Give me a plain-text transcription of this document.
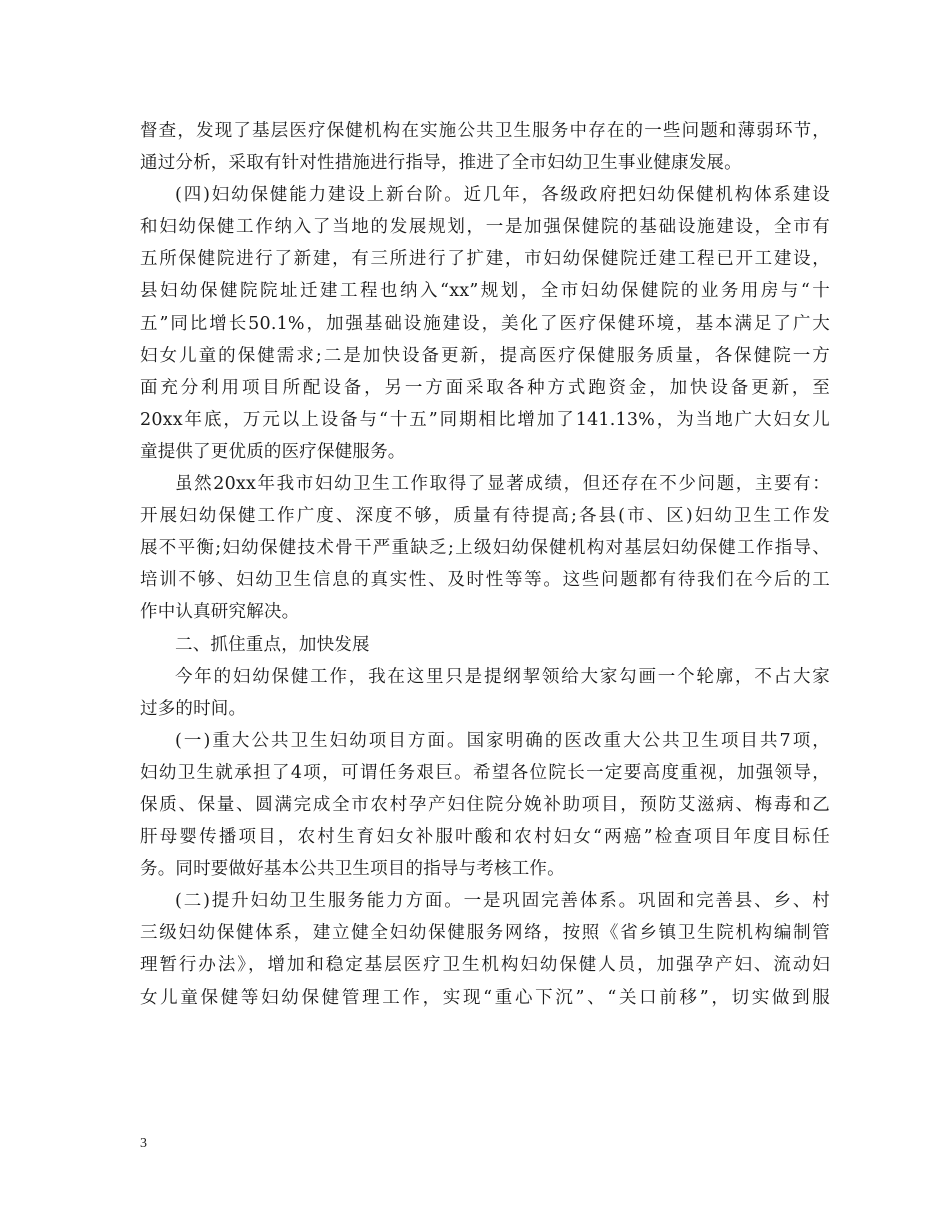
督查，发现了基层医疗保健机构在实施公共卫生服务中存在的一些问题和薄弱环节，
通过分析，采取有针对性措施进行指导，推进了全市妇幼卫生事业健康发展。
(四)妇幼保健能力建设上新台阶。近几年，各级政府把妇幼保健机构体系建设
和妇幼保健工作纳入了当地的发展规划，一是加强保健院的基础设施建设，全市有
五所保健院进行了新建，有三所进行了扩建，市妇幼保健院迁建工程已开工建设，
县妇幼保健院院址迁建工程也纳入“xx”规划，全市妇幼保健院的业务用房与“十
五”同比增长50.1%，加强基础设施建设，美化了医疗保健环境，基本满足了广大
妇女儿童的保健需求;二是加快设备更新，提高医疗保健服务质量，各保健院一方
面充分利用项目所配设备，另一方面采取各种方式跑资金，加快设备更新，至
20xx年底，万元以上设备与“十五”同期相比增加了141.13%，为当地广大妇女儿
童提供了更优质的医疗保健服务。
虽然20xx年我市妇幼卫生工作取得了显著成绩，但还存在不少问题，主要有：
开展妇幼保健工作广度、深度不够，质量有待提高;各县(市、区)妇幼卫生工作发
展不平衡;妇幼保健技术骨干严重缺乏;上级妇幼保健机构对基层妇幼保健工作指导、
培训不够、妇幼卫生信息的真实性、及时性等等。这些问题都有待我们在今后的工
作中认真研究解决。
二、抓住重点，加快发展
今年的妇幼保健工作，我在这里只是提纲挈领给大家勾画一个轮廓，不占大家
过多的时间。
(一)重大公共卫生妇幼项目方面。国家明确的医改重大公共卫生项目共7项，
妇幼卫生就承担了4项，可谓任务艰巨。希望各位院长一定要高度重视，加强领导，
保质、保量、圆满完成全市农村孕产妇住院分娩补助项目，预防艾滋病、梅毒和乙
肝母婴传播项目，农村生育妇女补服叶酸和农村妇女“两癌”检查项目年度目标任
务。同时要做好基本公共卫生项目的指导与考核工作。
(二)提升妇幼卫生服务能力方面。一是巩固完善体系。巩固和完善县、乡、村
三级妇幼保健体系，建立健全妇幼保健服务网络，按照《省乡镇卫生院机构编制管
理暂行办法》，增加和稳定基层医疗卫生机构妇幼保健人员，加强孕产妇、流动妇
女儿童保健等妇幼保健管理工作，实现“重心下沉”、“关口前移”，切实做到服
3
